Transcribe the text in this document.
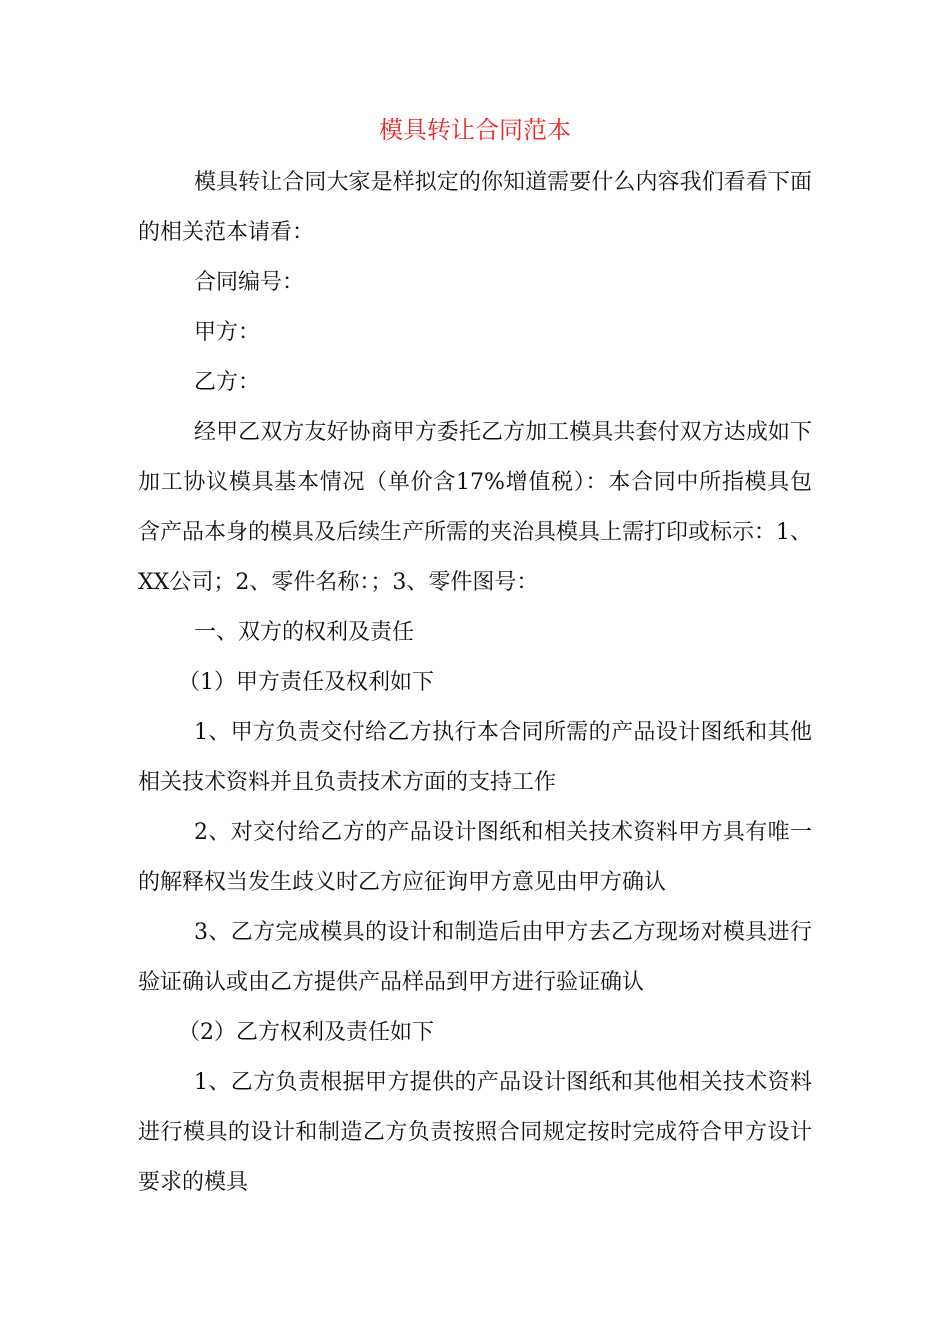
模具转让合同范本

模具转让合同大家是样拟定的你知道需要什么内容我们看看下面的相关范本请看：

合同编号：

甲方：

乙方：

经甲乙双方友好协商甲方委托乙方加工模具共套付双方达成如下加工协议模具基本情况（单价含17%增值税）：本合同中所指模具包含产品本身的模具及后续生产所需的夹治具模具上需打印或标示：1、XX公司；2、零件名称：；3、零件图号：

一、双方的权利及责任

（1）甲方责任及权利如下

1、甲方负责交付给乙方执行本合同所需的产品设计图纸和其他相关技术资料并且负责技术方面的支持工作

2、对交付给乙方的产品设计图纸和相关技术资料甲方具有唯一的解释权当发生歧义时乙方应征询甲方意见由甲方确认

3、乙方完成模具的设计和制造后由甲方去乙方现场对模具进行验证确认或由乙方提供产品样品到甲方进行验证确认

（2）乙方权利及责任如下

1、乙方负责根据甲方提供的产品设计图纸和其他相关技术资料进行模具的设计和制造乙方负责按照合同规定按时完成符合甲方设计要求的模具
